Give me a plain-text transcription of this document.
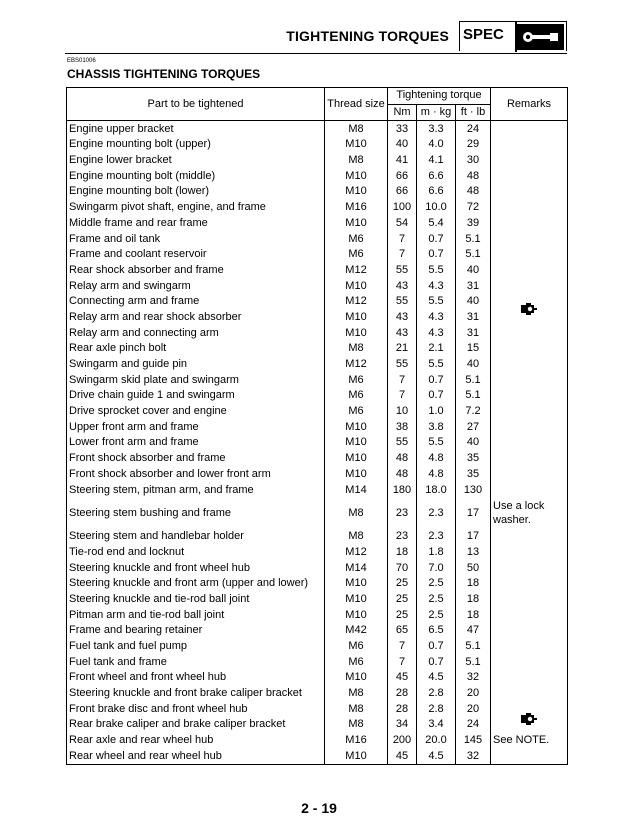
TIGHTENING TORQUES SPEC
EBS01006
CHASSIS TIGHTENING TORQUES
Part to be tightened	Thread size	Tightening torque			Remarks
		Nm	m · kg	ft · lb	
Engine upper bracket	M8	33	3.3	24	
Engine mounting bolt (upper)	M10	40	4.0	29	
Engine lower bracket	M8	41	4.1	30	
Engine mounting bolt (middle)	M10	66	6.6	48	
Engine mounting bolt (lower)	M10	66	6.6	48	
Swingarm pivot shaft, engine, and frame	M16	100	10.0	72	
Middle frame and rear frame	M10	54	5.4	39	
Frame and oil tank	M6	7	0.7	5.1	
Frame and coolant reservoir	M6	7	0.7	5.1	
Rear shock absorber and frame	M12	55	5.5	40	
Relay arm and swingarm	M10	43	4.3	31	
Connecting arm and frame	M12	55	5.5	40	
Relay arm and rear shock absorber	M10	43	4.3	31	
Relay arm and connecting arm	M10	43	4.3	31	
Rear axle pinch bolt	M8	21	2.1	15	
Swingarm and guide pin	M12	55	5.5	40	
Swingarm skid plate and swingarm	M6	7	0.7	5.1	
Drive chain guide 1 and swingarm	M6	7	0.7	5.1	
Drive sprocket cover and engine	M6	10	1.0	7.2	
Upper front arm and frame	M10	38	3.8	27	
Lower front arm and frame	M10	55	5.5	40	
Front shock absorber and frame	M10	48	4.8	35	
Front shock absorber and lower front arm	M10	48	4.8	35	
Steering stem, pitman arm, and frame	M14	180	18.0	130	
Steering stem bushing and frame	M8	23	2.3	17	Use a lock washer.
Steering stem and handlebar holder	M8	23	2.3	17	
Tie-rod end and locknut	M12	18	1.8	13	
Steering knuckle and front wheel hub	M14	70	7.0	50	
Steering knuckle and front arm (upper and lower)	M10	25	2.5	18	
Steering knuckle and tie-rod ball joint	M10	25	2.5	18	
Pitman arm and tie-rod ball joint	M10	25	2.5	18	
Frame and bearing retainer	M42	65	6.5	47	
Fuel tank and fuel pump	M6	7	0.7	5.1	
Fuel tank and frame	M6	7	0.7	5.1	
Front wheel and front wheel hub	M10	45	4.5	32	
Steering knuckle and front brake caliper bracket	M8	28	2.8	20	
Front brake disc and front wheel hub	M8	28	2.8	20	
Rear brake caliper and brake caliper bracket	M8	34	3.4	24	
Rear axle and rear wheel hub	M16	200	20.0	145	See NOTE.
Rear wheel and rear wheel hub	M10	45	4.5	32	
2 - 19
